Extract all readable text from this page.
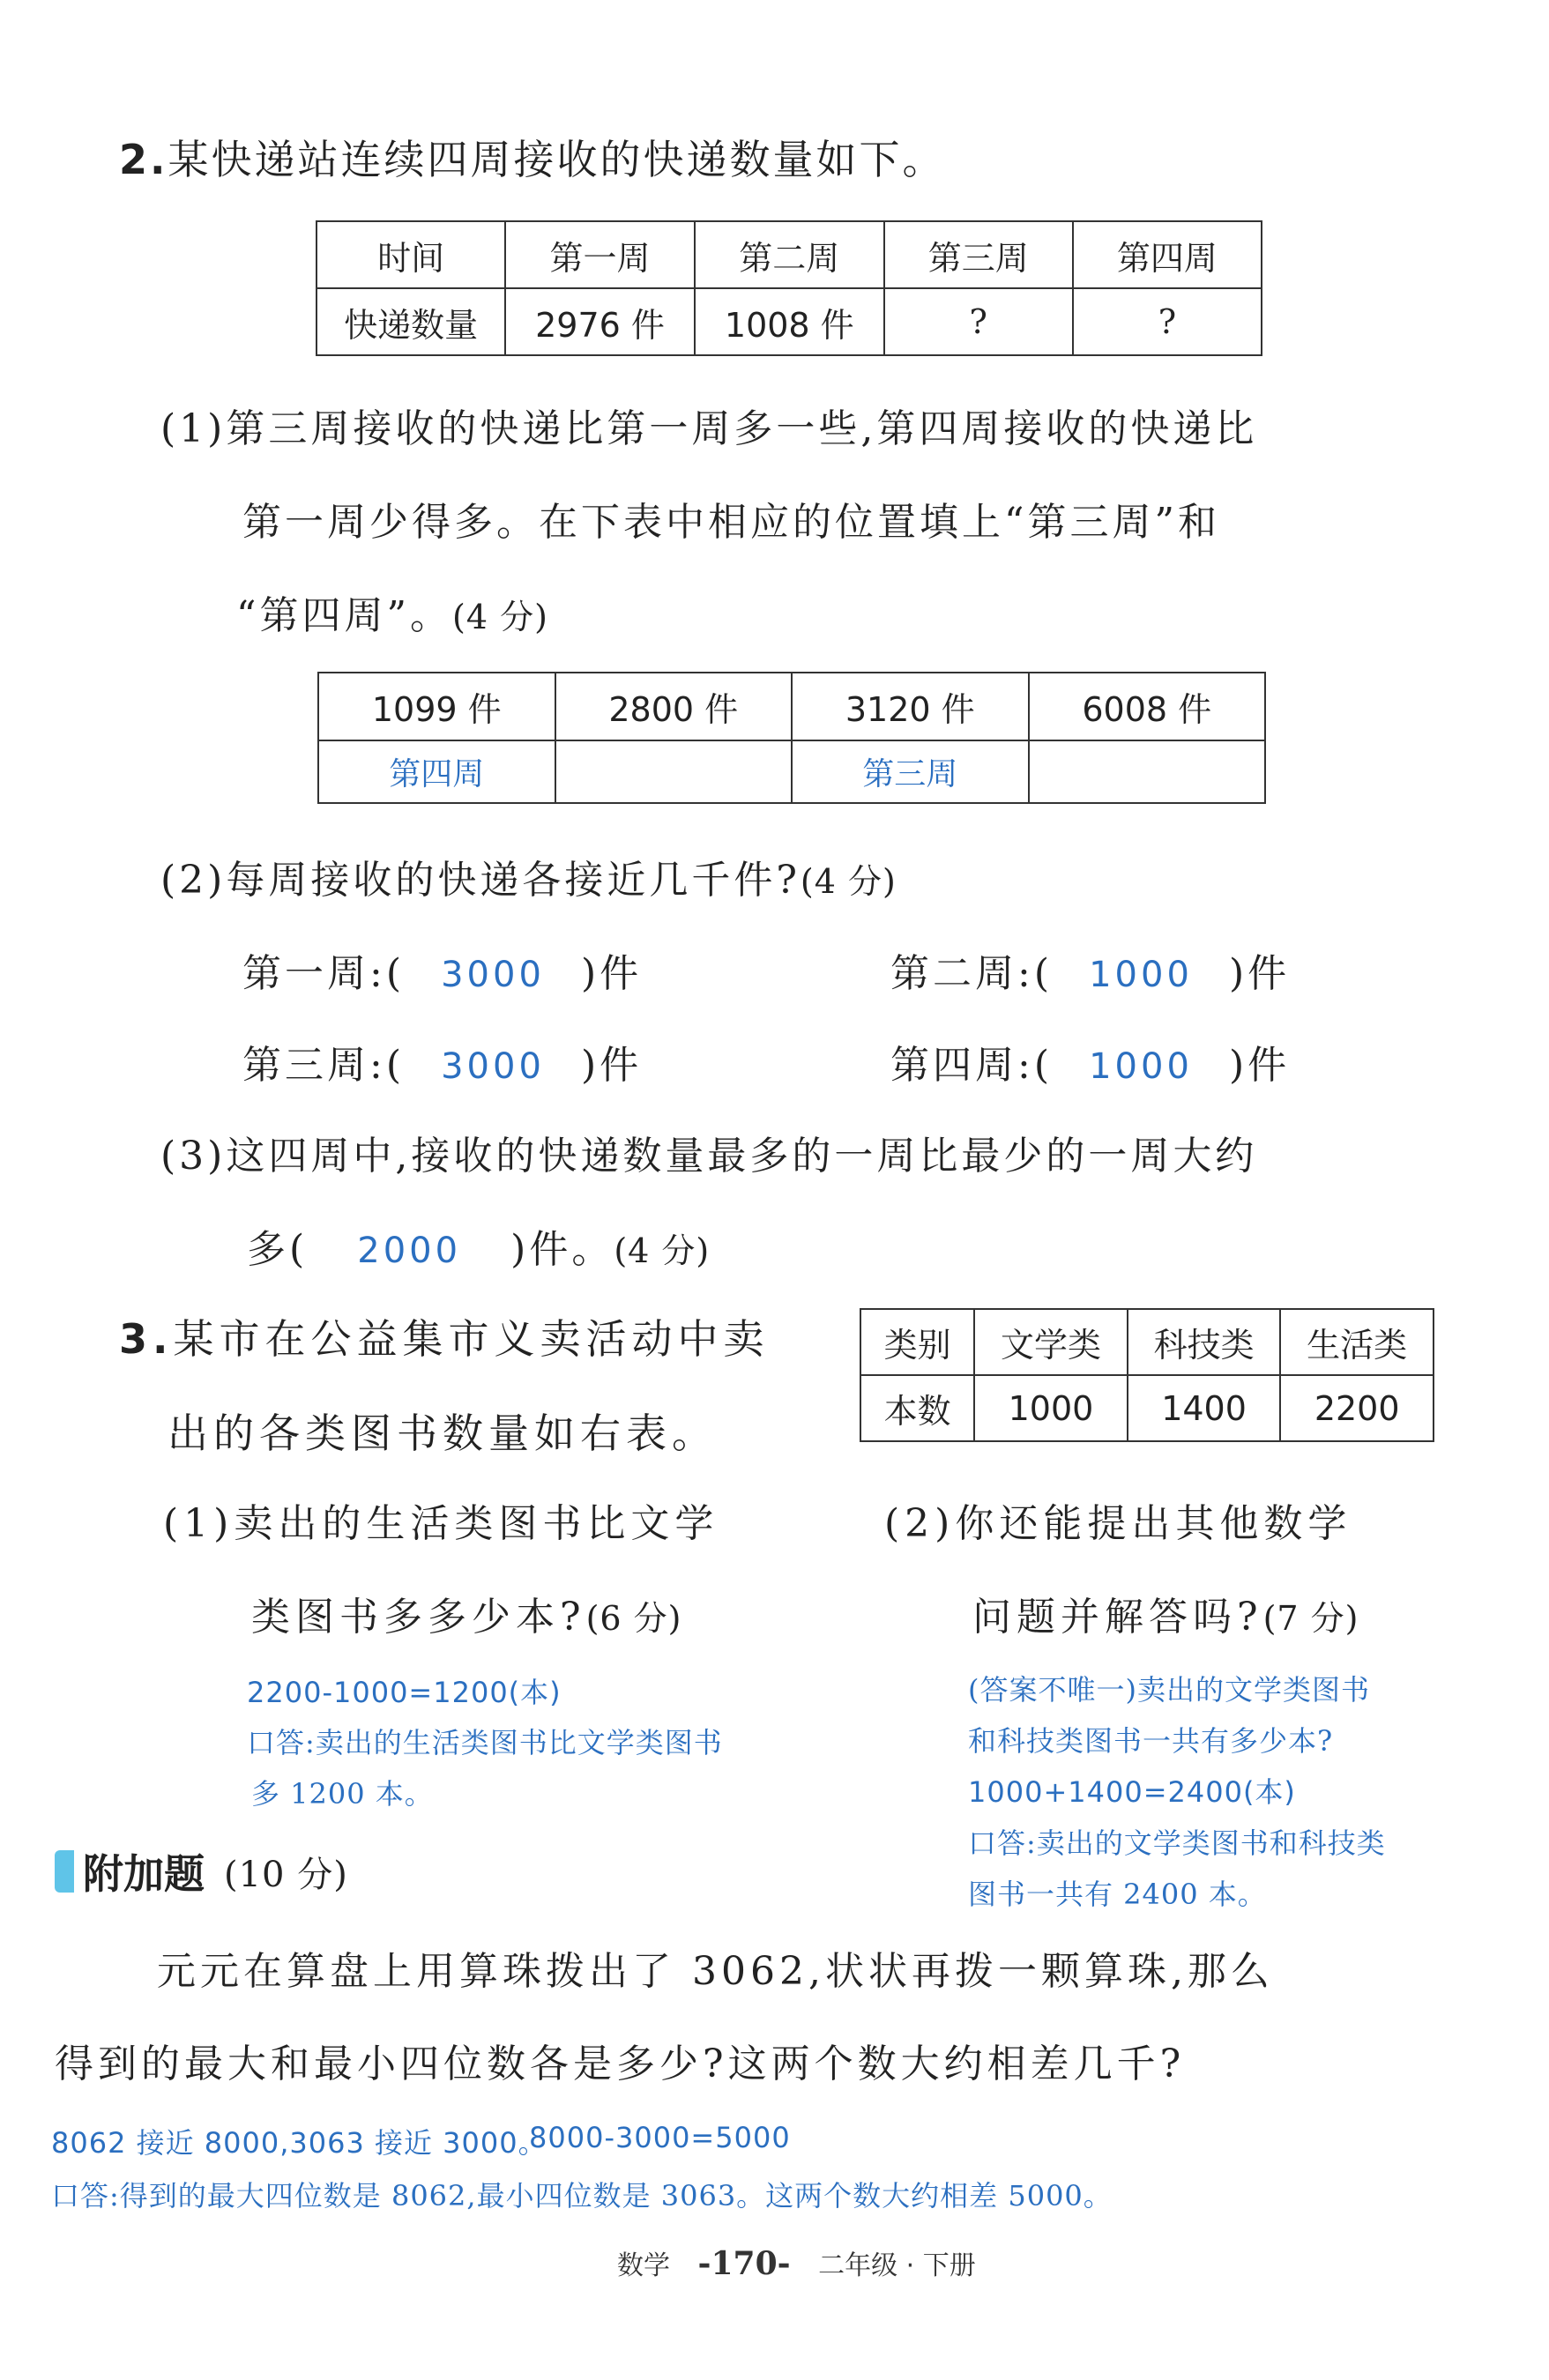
2.某快递站连续四周接收的快递数量如下。
时间	第一周	第二周	第三周	第四周
快递数量	2976 件	1008 件	?	?
(1)第三周接收的快递比第一周多一些,第四周接收的快递比
第一周少得多。在下表中相应的位置填上“第三周”和
“第四周”。(4 分)
1099 件	2800 件	3120 件	6008 件
第四周		第三周	
(2)每周接收的快递各接近几千件?(4 分)
第一周:( 3000 )件	第二周:( 1000 )件
第三周:( 3000 )件	第四周:( 1000 )件
(3)这四周中,接收的快递数量最多的一周比最少的一周大约
多( 2000 )件。(4 分)
3.某市在公益集市义卖活动中卖
出的各类图书数量如右表。
类别	文学类	科技类	生活类
本数	1000	1400	2200
(1)卖出的生活类图书比文学
类图书多多少本?(6 分)
2200-1000=1200(本)
口答:卖出的生活类图书比文学类图书
多 1200 本。
(2)你还能提出其他数学
问题并解答吗?(7 分)
(答案不唯一)卖出的文学类图书
和科技类图书一共有多少本?
1000+1400=2400(本)
口答:卖出的文学类图书和科技类
图书一共有 2400 本。
附加题 (10 分)
元元在算盘上用算珠拨出了 3062,状状再拨一颗算珠,那么
得到的最大和最小四位数各是多少?这两个数大约相差几千?
8062 接近 8000,3063 接近 3000。
8000-3000=5000
口答:得到的最大四位数是 8062,最小四位数是 3063。这两个数大约相差 5000。
数学 -170- 二年级 · 下册
